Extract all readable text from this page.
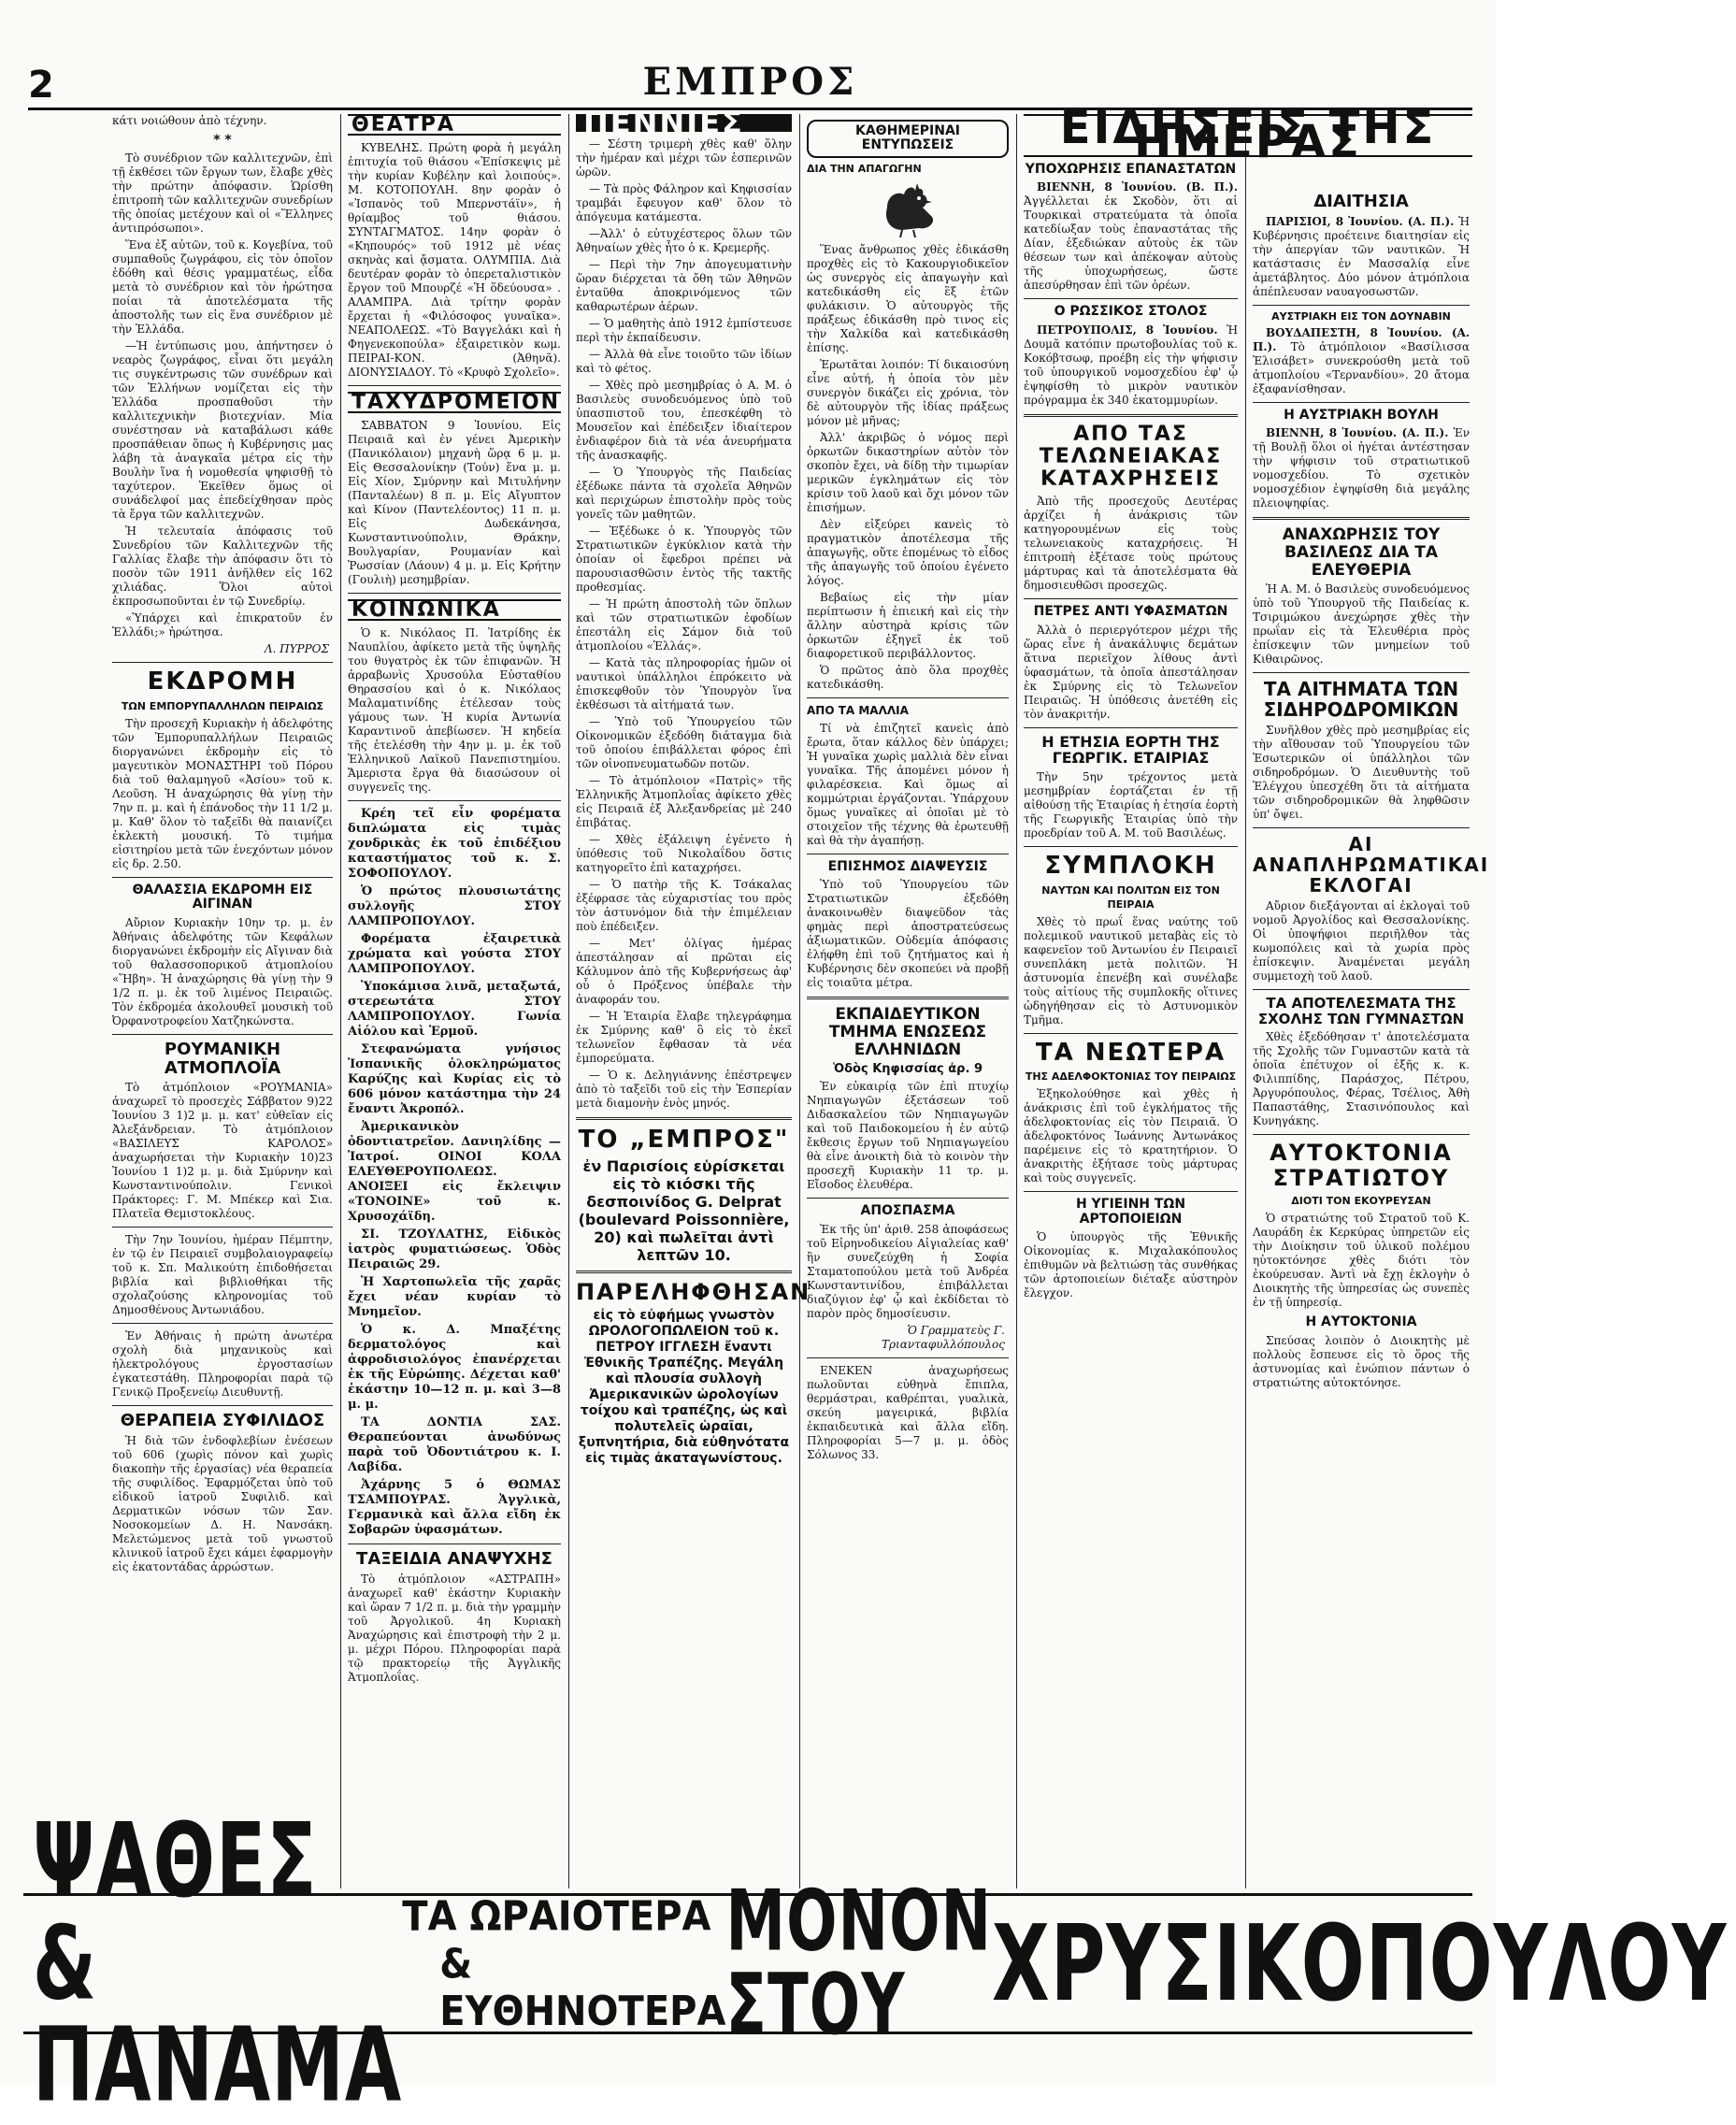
2	ΕΜΠΡΟΣ

κάτι νοιώθουν ἀπὸ τέχνην.

* *

Τὸ συνέδριον τῶν καλλιτεχνῶν, ἐπὶ τῇ ἐκθέσει τῶν ἔργων των, ἔλαβε χθὲς τὴν πρώτην ἀπόφασιν. Ὡρίσθη ἐπιτροπὴ τῶν καλλιτεχνῶν συνεδρίων τῆς ὁποίας μετέχουν καὶ οἱ «Ἕλληνες ἀντιπρόσωποι».

Ἕνα ἐξ αὐτῶν, τοῦ κ. Κογεβίνα, τοῦ συμπαθοῦς ζωγράφου, εἰς τὸν ὁποῖον ἐδόθη καὶ θέσις γραμματέως, εἶδα μετὰ τὸ συνέδριον καὶ τὸν ἠρώτησα ποίαι τὰ ἀποτελέσματα τῆς ἀποστολῆς των εἰς ἕνα συνέδριον μὲ τὴν Ἑλλάδα.

—Ἡ ἐντύπωσις μου, ἀπήντησεν ὁ νεαρὸς ζωγράφος, εἶναι ὅτι μεγάλη τις συγκέντρωσις τῶν συνέδρων καὶ τῶν Ἑλλήνων νομίζεται εἰς τὴν Ἑλλάδα προσπαθοῦσι τὴν καλλιτεχνικὴν βιοτεχνίαν. Μία συνέστησαν νὰ καταβάλωσι κάθε προσπάθειαν ὅπως ἡ Κυβέρνησις μας λάβη τὰ ἀναγκαῖα μέτρα εἰς τὴν Βουλὴν ἵνα ἡ νομοθεσία ψηφισθῇ τὸ ταχύτερον. Ἐκεῖθεν ὅμως οἱ συνάδελφοί μας ἐπεδείχθησαν πρὸς τὰ ἔργα τῶν καλλιτεχνῶν.

Ἡ τελευταία ἀπόφασις τοῦ Συνεδρίου τῶν Καλλιτεχνῶν τῆς Γαλλίας ἔλαβε τὴν ἀπόφασιν ὅτι τὸ ποσὸν τῶν 1911 ἀνῆλθεν εἰς 162 χιλιάδας. Ὅλοι αὐτοὶ ἐκπροσωποῦνται ἐν τῷ Συνεδρίῳ.

«Ὑπάρχει καὶ ἐπικρατοῦν ἐν Ἑλλάδι;» ἠρώτησα.

Λ. ΠΥΡΡΟΣ
ΕΚΔΡΟΜΗ
ΤΩΝ ΕΜΠΟΡΥΠΑΛΛΗΛΩΝ ΠΕΙΡΑΙΩΣ

Τὴν προσεχῆ Κυριακὴν ἡ ἀδελφότης τῶν Ἐμπορυπαλλήλων Πειραιῶς διοργανώνει ἐκδρομὴν εἰς τὸ μαγευτικὸν ΜΟΝΑΣΤΗΡΙ τοῦ Πόρου διὰ τοῦ θαλαμηγοῦ «Ἀσίου» τοῦ κ. Λεοῦση. Ἡ ἀναχώρησις θὰ γίνῃ τὴν 7ην π. μ. καὶ ἡ ἐπάνοδος τὴν 11 1/2 μ. μ. Καθ' ὅλον τὸ ταξεῖδι θὰ παιανίζει ἐκλεκτὴ μουσική. Τὸ τιμήμα εἰσιτηρίου μετὰ τῶν ἐνεχόντων μόνον εἰς δρ. 2.50.

ΘΑΛΑΣΣΙΑ ΕΚΔΡΟΜΗ ΕΙΣ ΑΙΓΙΝΑΝ

Αὔριον Κυριακὴν 10ην τρ. μ. ἐν Ἀθήναις ἀδελφότης τῶν Κεφάλων διοργανώνει ἐκδρομὴν εἰς Αἴγιναν διὰ τοῦ θαλασσοπορικοῦ ἀτμοπλοίου «Ἥβη». Ἡ ἀναχώρησις θὰ γίνῃ τὴν 9 1/2 π. μ. ἐκ τοῦ λιμένος Πειραιῶς. Τὸν ἐκδρομέα ἀκολουθεῖ μουσικὴ τοῦ Ὀρφανοτροφείου Χατζηκώνστα.

ΡΟΥΜΑΝΙΚΗ ΑΤΜΟΠΛΟΪΑ

Τὸ ἀτμόπλοιον «ΡΟΥΜΑΝΙΑ» ἀναχωρεῖ τὸ προσεχὲς Σάββατον 9)22 Ἰουνίου 3 1)2 μ. μ. κατ' εὐθεῖαν εἰς Ἀλεξάνδρειαν. Τὸ ἀτμόπλοιον «ΒΑΣΙΛΕΥΣ ΚΑΡΟΛΟΣ» ἀναχωρήσεται τὴν Κυριακὴν 10)23 Ἰουνίου 1 1)2 μ. μ. διὰ Σμύρνην καὶ Κωνσταντινούπολιν. Γενικοὶ Πράκτορες: Γ. Μ. Μπέκερ καὶ Σια. Πλατεῖα Θεμιστοκλέους.

Τὴν 7ην Ἰουνίου, ἡμέραν Πέμπτην, ἐν τῷ ἐν Πειραιεῖ συμβολαιογραφείῳ τοῦ κ. Σπ. Μαλικούτη ἐπιδοθήσεται βιβλία καὶ βιβλιοθήκαι τῆς σχολαζούσης κληρονομίας τοῦ Δημοσθένους Ἀντωνιάδου.

Ἐν Ἀθήναις ἡ πρώτη ἀνωτέρα σχολὴ διὰ μηχανικοὺς καὶ ἠλεκτρολόγους ἐργοστασίων ἐγκατεστάθη. Πληροφορίαι παρὰ τῷ Γενικῷ Προξενείῳ Διευθυντῇ.

ΘΕΡΑΠΕΙΑ ΣΥΦΙΛΙΔΟΣ

Ἡ διὰ τῶν ἐνδοφλεβίων ἐνέσεων τοῦ 606 (χωρὶς πόνον καὶ χωρὶς διακοπὴν τῆς ἐργασίας) νέα θεραπεία τῆς συφιλίδος. Ἐφαρμόζεται ὑπὸ τοῦ εἰδικοῦ ἰατροῦ Συφιλιδ. καὶ Δερματικῶν νόσων τῶν Σαν. Νοσοκομείων Δ. Η. Νανσάκη. Μελετώμενος μετὰ τοῦ γνωστοῦ κλινικοῦ ἰατροῦ ἔχει κάμει ἐφαρμογὴν εἰς ἑκατοντάδας ἀρρώστων.

ΘΕΑΤΡΑ

ΚΥΒΕΛΗΣ. Πρώτη φορὰ ἡ μεγάλη ἐπιτυχία τοῦ θιάσου «Ἐπίσκεψις μὲ τὴν κυρίαν Κυβέλην καὶ λοιπούς». Μ. ΚΟΤΟΠΟΥΛΗ. 8ην φορὰν ὁ «Ἰσπανὸς τοῦ Μπερνστάϊν», ἡ θρίαμβος τοῦ θιάσου. ΣΥΝΤΑΓΜΑΤΟΣ. 14ην φορὰν ὁ «Κηπουρός» τοῦ 1912 μὲ νέας σκηνὰς καὶ ᾄσματα. ΟΛΥΜΠΙΑ. Διὰ δευτέραν φορὰν τὸ ὀπερεταλιστικὸν ἔργον τοῦ Μπουρζέ «Ἡ ὅδεύουσα» . ΑΛΑΜΠΡΑ. Διὰ τρίτην φορὰν ἔρχεται ἡ «Φιλόσοφος γυναῖκα». ΝΕΑΠΟΛΕΩΣ. «Τὸ Βαγγελάκι καὶ ἡ Φηγενεκοπούλα» ἐξαιρετικὸν κωμ. ΠΕΙΡΑΙ-ΚΟΝ. (Ἀθηνᾶ). ΔΙΟΝΥΣΙΑΔΟΥ. Τὸ «Κρυφὸ Σχολεῖο».

ΤΑΧΥΔΡΟΜΕΙΟΝ

ΣΑΒΒΑΤΟΝ 9 Ἰουνίου. Εἰς Πειραιᾶ καὶ ἐν γένει Ἀμερικὴν (Πανικόλαιον) μηχανὴ ὥρᾳ 6 μ. μ. Εἰς Θεσσαλονίκην (Τούν) ἕνα μ. μ. Εἰς Χίον, Σμύρνην καὶ Μιτυλήνην (Πανταλέων) 8 π. μ. Εἰς Αἴγυπτον καὶ Κίνον (Παντελέοντος) 11 π. μ. Εἰς Δωδεκάνησα, Κωνσταντινούπολιν, Θράκην, Βουλγαρίαν, Ρουμανίαν καὶ Ῥωσσίαν (Λάουν) 4 μ. μ. Εἰς Κρήτην (Γουλιὴ) μεσημβρίαν.

ΚΟΙΝΩΝΙΚΑ

Ὁ κ. Νικόλαος Π. Ἰατρίδης ἐκ Ναυπλίου, ἀφίκετο μετὰ τῆς ὑψηλῆς του θυγατρὸς ἐκ τῶν ἐπιφανῶν. Ἡ ἀρραβωνὶς Χρυσούλα Εὐσταθίου Θηρασσίου καὶ ὁ κ. Νικόλαος Μαλαματινίδης ἐτέλεσαν τοὺς γάμους των. Ἡ κυρία Ἀντωνία Καραντινοῦ ἀπεβίωσεν. Ἡ κηδεία τῆς ἐτελέσθη τὴν 4ην μ. μ. ἐκ τοῦ Ἑλληνικοῦ Λαϊκοῦ Πανεπιστημίου. Ἄμεριστα ἔργα θὰ διασώσουν οἱ συγγενεῖς της.

Κρέη τεῖ εἶν φορέματα διπλώματα εἰς τιμὰς χονδρικὰς ἐκ τοῦ ἐπιδέξιου καταστήματος τοῦ κ. Σ. ΣΟΦΟΠΟΥΛΟΥ.

Ὁ πρώτος πλουσιωτάτης συλλογῆς ΣΤΟΥ ΛΑΜΠΡΟΠΟΥΛΟΥ.

Φορέματα ἐξαιρετικὰ χρώματα καὶ γούστα ΣΤΟΥ ΛΑΜΠΡΟΠΟΥΛΟΥ.

Ὑποκάμισα λινᾶ, μεταξωτά, στερεωτάτα ΣΤΟΥ ΛΑΜΠΡΟΠΟΥΛΟΥ. Γωνία Αἰόλου καὶ Ἑρμοῦ.

Στεφανώματα γνήσιος Ἰσπανικῆς ὀλοκληρώματος Καρύζης καὶ Κυρίας εἰς τὸ 606 μόνον κατάστημα τὴν 24 ἔναντι Ἀκροπόλ.

Ἀμερικανικὸν ὀδοντιατρεῖον. Δανιηλίδης — Ἰατροί. ΟΙΝΟΙ ΚΟΛΑ ΕΛΕΥΘΕΡΟΥΠΟΛΕΩΣ. ΑΝΟΙΞΕΙ εἰς ἔκλειψιν «TONOINE» τοῦ κ. Χρυσοχάϊδη.

ΣΙ. ΤΖΟΥΛΑΤΗΣ, Εἰδικὸς ἰατρὸς φυματιώσεως. Ὁδὸς Πειραιῶς 29.

Ἡ Χαρτοπωλεῖα τῆς χαρᾶς ἔχει νέαν κυρίαν τὸ Μνημεῖον.

Ὁ κ. Δ. Μπαξέτης δερματολόγος καὶ ἀφροδισιολόγος ἐπανέρχεται ἐκ τῆς Εὐρώπης. Δέχεται καθ' ἑκάστην 10—12 π. μ. καὶ 3—8 μ. μ.

ΤΑ ΔΟΝΤΙΑ ΣΑΣ. Θεραπεύονται ἀνωδύνως παρὰ τοῦ Ὀδοντιάτρου κ. Ι. Λαβίδα.

Ἀχάρνης 5 ὁ ΘΩΜΑΣ ΤΣΑΜΠΟΥΡΑΣ. Ἀγγλικὰ, Γερμανικὰ καὶ ἄλλα εἴδη ἐκ Σοβαρῶν ὑφασμάτων.

ΤΑΞΕΙΔΙΑ ΑΝΑΨΥΧΗΣ

Τὸ ἀτμόπλοιον «ΑΣΤΡΑΠΗ» ἀναχωρεῖ καθ' ἑκάστην Κυριακὴν καὶ ὥραν 7 1/2 π. μ. διὰ τὴν γραμμὴν τοῦ Ἀργολικοῦ. 4η Κυριακὴ Ἀναχώρησις καὶ ἐπιστροφὴ τὴν 2 μ. μ. μέχρι Πόρου. Πληροφορίαι παρὰ τῷ πρακτορείῳ τῆς Ἀγγλικῆς Ἀτμοπλοΐας.

ΠΕΝΝΙΕΣ

— Σέστη τριμερὴ χθὲς καθ' ὅλην τὴν ἡμέραν καὶ μέχρι τῶν ἑσπερινῶν ὡρῶν.

— Τὰ πρὸς Φάληρον καὶ Κηφισσίαν τραμβάι ἔφευγον καθ' ὅλον τὸ ἀπόγευμα κατάμεστα.

—Ἀλλ' ὁ εὐτυχέστερος ὅλων τῶν Ἀθηναίων χθὲς ἦτο ὁ κ. Κρεμερῆς.

— Περὶ τὴν 7ην ἀπογευματινὴν ὥραν διέρχεται τὰ ὄθη τῶν Ἀθηνῶν ἐνταῦθα ἀποκρινόμενος τῶν καθαρωτέρων ἀέρων.

— Ὁ μαθητὴς ἀπὸ 1912 ἐμπίστευσε περὶ τὴν ἐκπαίδευσιν.

— Ἀλλὰ θὰ εἶνε τοιοῦτο τῶν ἰδίων καὶ τὸ φέτος.

— Χθὲς πρὸ μεσημβρίας ὁ Α. Μ. ὁ Βασιλεὺς συνοδευόμενος ὑπὸ τοῦ ὑπασπιστοῦ του, ἐπεσκέφθη τὸ Μουσεῖον καὶ ἐπέδειξεν ἰδιαίτερον ἐνδιαφέρον διὰ τὰ νέα ἀνευρήματα τῆς ἀνασκαφῆς.

— Ὁ Ὑπουργὸς τῆς Παιδείας ἐξέδωκε πάντα τὰ σχολεῖα Ἀθηνῶν καὶ περιχώρων ἐπιστολὴν πρὸς τοὺς γονεῖς τῶν μαθητῶν.

— Ἐξέδωκε ὁ κ. Ὑπουργὸς τῶν Στρατιωτικῶν ἐγκύκλιον κατὰ τὴν ὁποίαν οἱ ἔφεδροι πρέπει νὰ παρουσιασθῶσιν ἐντὸς τῆς τακτῆς προθεσμίας.

— Ἡ πρώτη ἀποστολὴ τῶν ὅπλων καὶ τῶν στρατιωτικῶν ἐφοδίων ἐπεστάλη εἰς Σάμον διὰ τοῦ ἀτμοπλοίου «Ἑλλάς».

— Κατὰ τὰς πληροφορίας ἡμῶν οἱ ναυτικοὶ ὑπάλληλοι ἐπρόκειτο νὰ ἐπισκεφθοῦν τὸν Ὑπουργὸν ἵνα ἐκθέσωσι τὰ αἰτήματά των.

— Ὑπὸ τοῦ Ὑπουργείου τῶν Οἰκονομικῶν ἐξεδόθη διάταγμα διὰ τοῦ ὁποίου ἐπιβάλλεται φόρος ἐπὶ τῶν οἰνοπνευματωδῶν ποτῶν.

— Τὸ ἀτμόπλοιον «Πατρὶς» τῆς Ἑλληνικῆς Ἀτμοπλοΐας ἀφίκετο χθὲς εἰς Πειραιᾶ ἐξ Ἀλεξανδρείας μὲ 240 ἐπιβάτας.

— Χθὲς ἐξάλειψη ἐγένετο ἡ ὑπόθεσις τοῦ Νικολαΐδου ὅστις κατηγορεῖτο ἐπὶ καταχρήσει.

— Ὁ πατὴρ τῆς Κ. Τσάκαλας ἐξέφρασε τὰς εὐχαριστίας του πρὸς τὸν ἀστυνόμον διὰ τὴν ἐπιμέλειαν ποὺ ἐπέδειξεν.

— Μετ' ὀλίγας ἡμέρας ἀπεστάλησαν αἱ πρῶται εἰς Κάλυμνον ἀπὸ τῆς Κυβερνήσεως ἀφ' οὗ ὁ Πρόξενος ὑπέβαλε τὴν ἀναφοράν του.

— Ἡ Ἑταιρία ἔλαβε τηλεγράφημα ἐκ Σμύρνης καθ' ὃ εἰς τὸ ἐκεῖ τελωνεῖον ἔφθασαν τὰ νέα ἐμπορεύματα.

— Ὁ κ. Δεληγιάννης ἐπέστρεψεν ἀπὸ τὸ ταξεῖδι τοῦ εἰς τὴν Ἑσπερίαν μετὰ διαμονὴν ἑνὸς μηνός.

ΤΟ „ΕΜΠΡΟΣ"
ἐν Παρισίοις εὑρίσκεται εἰς τὸ κιόσκι τῆς δεσποινίδος G. Delprat (boulevard Poissonnière, 20) καὶ πωλεῖται ἀντὶ λεπτῶν 10.
ΠΑΡΕΛΗΦΘΗΣΑΝ
εἰς τὸ εὐφήμως γνωστὸν ΩΡΟΛΟΓΟΠΩΛΕΙΟΝ τοῦ κ. ΠΕΤΡΟΥ ΙΓΓΛΕΣΗ ἔναντι Ἐθνικῆς Τραπέζης. Μεγάλη καὶ πλουσία συλλογὴ Ἀμερικανικῶν ὡρολογίων τοίχου καὶ τραπέζης, ὡς καὶ πολυτελεῖς ὡραῖαι, ξυπνητήρια, διὰ εὐθηνότατα εἰς τιμὰς ἀκαταγωνίστους.
ΚΑΘΗΜΕΡΙΝΑΙ ΕΝΤΥΠΩΣΕΙΣ
ΔΙΑ ΤΗΝ ΑΠΑΓΩΓΗΝ

Ἕνας ἄνθρωπος χθὲς ἐδικάσθη προχθὲς εἰς τὸ Κακουργιοδικεῖον ὡς συνεργὸς εἰς ἀπαγωγὴν καὶ κατεδικάσθη εἰς ἓξ ἐτῶν φυλάκισιν. Ὁ αὐτουργὸς τῆς πράξεως ἐδικάσθη πρὸ τινος εἰς τὴν Χαλκίδα καὶ κατεδικάσθη ἐπίσης.

Ἐρωτᾶται λοιπόν: Τί δικαιοσύνη εἶνε αὐτή, ἡ ὁποία τὸν μὲν συνεργὸν δικάζει εἰς χρόνια, τὸν δὲ αὐτουργὸν τῆς ἰδίας πράξεως μόνον μὲ μῆνας;

Ἀλλ' ἀκριβῶς ὁ νόμος περὶ ὁρκωτῶν δικαστηρίων αὐτὸν τὸν σκοπὸν ἔχει, νὰ δίδῃ τὴν τιμωρίαν μερικῶν ἐγκλημάτων εἰς τὸν κρίσιν τοῦ λαοῦ καὶ ὄχι μόνον τῶν ἐπισήμων.

Δὲν εἰξεύρει κανεὶς τὸ πραγματικὸν ἀποτέλεσμα τῆς ἀπαγωγῆς, οὔτε ἐπομένως τὸ εἶδος τῆς ἀπαγωγῆς τοῦ ὁποίου ἐγένετο λόγος.

Βεβαίως εἰς τὴν μίαν περίπτωσιν ἡ ἐπιεική καὶ εἰς τὴν ἄλλην αὐστηρὰ κρίσις τῶν ὁρκωτῶν ἐξηγεῖ ἐκ τοῦ διαφορετικοῦ περιβάλλοντος.

Ὁ πρῶτος ἀπὸ ὅλα προχθὲς κατεδικάσθη.

ΑΠΟ ΤΑ ΜΑΛΛΙΑ

Τί νὰ ἐπιζητεῖ κανεὶς ἀπὸ ἔρωτα, ὅταν κάλλος δὲν ὑπάρχει; Ἡ γυναῖκα χωρὶς μαλλιὰ δὲν εἶναι γυναῖκα. Τῆς ἀπομένει μόνον ἡ φιλαρέσκεια. Καὶ ὅμως αἱ κομμώτριαι ἐργάζονται. Ὑπάρχουν ὅμως γυναῖκες αἱ ὁποῖαι μὲ τὸ στοιχεῖον τῆς τέχνης θὰ ἐρωτευθῇ καὶ θὰ τὴν ἀγαπήσῃ.

ΕΠΙΣΗΜΟΣ ΔΙΑΨΕΥΣΙΣ

Ὑπὸ τοῦ Ὑπουργείου τῶν Στρατιωτικῶν ἐξεδόθη ἀνακοινωθὲν διαψεῦδον τὰς φημὰς περὶ ἀποστρατεύσεως ἀξιωματικῶν. Οὐδεμία ἀπόφασις ἐλήφθη ἐπὶ τοῦ ζητήματος καὶ ἡ Κυβέρνησις δὲν σκοπεύει νὰ προβῇ εἰς τοιαῦτα μέτρα.

ΕΚΠΑΙΔΕΥΤΙΚΟΝ ΤΜΗΜΑ ΕΝΩΣΕΩΣ ΕΛΛΗΝΙΔΩΝ
Ὁδὸς Κηφισσίας ἀρ. 9

Ἐν εὐκαιρίᾳ τῶν ἐπὶ πτυχίῳ Νηπιαγωγῶν ἐξετάσεων τοῦ Διδασκαλείου τῶν Νηπιαγωγῶν καὶ τοῦ Παιδοκομείου ἡ ἐν αὐτῷ ἔκθεσις ἔργων τοῦ Νηπιαγωγείου θὰ εἶνε ἀνοικτὴ διὰ τὸ κοινὸν τὴν προσεχῆ Κυριακὴν 11 τρ. μ. Εἴσοδος ἐλευθέρα.

ΑΠΟΣΠΑΣΜΑ

Ἐκ τῆς ὑπ' ἀριθ. 258 ἀποφάσεως τοῦ Εἰρηνοδικείου Αἰγιαλείας καθ' ἣν συνεζεύχθη ἡ Σοφία Σταματοπούλου μετὰ τοῦ Ἀνδρέα Κωνσταντινίδου, ἐπιβάλλεται διαζύγιον ἐφ' ᾧ καὶ ἐκδίδεται τὸ παρὸν πρὸς δημοσίευσιν.

Ὁ Γραμματεὺς Γ. Τριανταφυλλόπουλος

ΕΝΕΚΕΝ ἀναχωρήσεως πωλοῦνται εὐθηνὰ ἔπιπλα, θερμάστραι, καθρέπται, γυαλικὰ, σκεύη μαγειρικά, βιβλία ἐκπαιδευτικὰ καὶ ἄλλα εἴδη. Πληροφορίαι 5—7 μ. μ. ὁδὸς Σόλωνος 33.

ΕΙΔΗΣΕΙΣ ΤΗΣ ΗΜΕΡΑΣ
ΥΠΟΧΩΡΗΣΙΣ ΕΠΑΝΑΣΤΑΤΩΝ

ΒΙΕΝΝΗ, 8 Ἰουνίου. (Β. Π.). Ἀγγέλλεται ἐκ Σκοδὸν, ὅτι αἱ Τουρκικαὶ στρατεύματα τὰ ὁποῖα κατεδίωξαν τοὺς ἐπαναστάτας τῆς Δίαν, ἐξεδιώκαν αὐτοὺς ἐκ τῶν θέσεων των καὶ ἀπέκοψαν αὐτοὺς τῆς ὑποχωρήσεως, ὥστε ἀπεσύρθησαν ἐπὶ τῶν ὀρέων.

Ο ΡΩΣΣΙΚΟΣ ΣΤΟΛΟΣ

ΠΕΤΡΟΥΠΟΛΙΣ, 8 Ἰουνίου. Ἡ Δουμᾶ κατόπιν πρωτοβουλίας τοῦ κ. Κοκόβτσωφ, προέβη εἰς τὴν ψήφισιν τοῦ ὑπουργικοῦ νομοσχεδίου ἐφ' ᾧ ἐψηφίσθη τὸ μικρὸν ναυτικὸν πρόγραμμα ἐκ 340 ἑκατομμυρίων.

ΑΠΟ ΤΑΣ ΤΕΛΩΝΕΙΑΚΑΣ ΚΑΤΑΧΡΗΣΕΙΣ

Ἀπὸ τῆς προσεχοῦς Δευτέρας ἀρχίζει ἡ ἀνάκρισις τῶν κατηγορουμένων εἰς τοὺς τελωνειακοὺς καταχρήσεις. Ἡ ἐπιτροπὴ ἐξέτασε τοὺς πρώτους μάρτυρας καὶ τὰ ἀποτελέσματα θὰ δημοσιευθῶσι προσεχῶς.

ΠΕΤΡΕΣ ΑΝΤΙ ΥΦΑΣΜΑΤΩΝ

Ἀλλὰ ὁ περιεργότερον μέχρι τῆς ὥρας εἶνε ἡ ἀνακάλυψις δεμάτων ἅτινα περιεῖχον λίθους ἀντὶ ὑφασμάτων, τὰ ὁποῖα ἀπεστάλησαν ἐκ Σμύρνης εἰς τὸ Τελωνεῖον Πειραιῶς. Ἡ ὑπόθεσις ἀνετέθη εἰς τὸν ἀνακριτήν.

Η ΕΤΗΣΙΑ ΕΟΡΤΗ ΤΗΣ ΓΕΩΡΓΙΚ. ΕΤΑΙΡΙΑΣ

Τὴν 5ην τρέχοντος μετὰ μεσημβρίαν ἑορτάζεται ἐν τῇ αἰθούσῃ τῆς Ἑταιρίας ἡ ἐτησία ἑορτὴ τῆς Γεωργικῆς Ἑταιρίας ὑπὸ τὴν προεδρίαν τοῦ Α. Μ. τοῦ Βασιλέως.

ΣΥΜΠΛΟΚΗ
ΝΑΥΤΩΝ ΚΑΙ ΠΟΛΙΤΩΝ ΕΙΣ ΤΟΝ ΠΕΙΡΑΙΑ

Χθὲς τὸ πρωΐ ἕνας ναύτης τοῦ πολεμικοῦ ναυτικοῦ μεταβὰς εἰς τὸ καφενεῖον τοῦ Ἀντωνίου ἐν Πειραιεῖ συνεπλάκη μετὰ πολιτῶν. Ἡ ἀστυνομία ἐπενέβη καὶ συνέλαβε τοὺς αἰτίους τῆς συμπλοκῆς οἵτινες ὡδηγήθησαν εἰς τὸ Αστυνομικὸν Τμῆμα.

ΤΑ ΝΕΩΤΕΡΑ
ΤΗΣ ΑΔΕΛΦΟΚΤΟΝΙΑΣ ΤΟΥ ΠΕΙΡΑΙΩΣ

Ἐξηκολούθησε καὶ χθὲς ἡ ἀνάκρισις ἐπὶ τοῦ ἐγκλήματος τῆς ἀδελφοκτονίας εἰς τὸν Πειραιᾶ. Ὁ ἀδελφοκτόνος Ἰωάννης Ἀντωνάκος παρέμεινε εἰς τὸ κρατητήριον. Ὁ ἀνακριτὴς ἐξήτασε τοὺς μάρτυρας καὶ τοὺς συγγενεῖς.

Η ΥΓΙΕΙΝΗ ΤΩΝ ΑΡΤΟΠΟΙΕΙΩΝ

Ὁ ὑπουργὸς τῆς Ἐθνικῆς Οἰκονομίας κ. Μιχαλακόπουλος ἐπιθυμῶν νὰ βελτιώσῃ τὰς συνθήκας τῶν ἀρτοποιείων διέταξε αὐστηρὸν ἔλεγχον.

ΔΙΑΙΤΗΣΙΑ

ΠΑΡΙΣΙΟΙ, 8 Ἰουνίου. (Α. Π.). Ἡ Κυβέρνησις προέτεινε διαιτησίαν εἰς τὴν ἀπεργίαν τῶν ναυτικῶν. Ἡ κατάστασις ἐν Μασσαλίᾳ εἶνε ἀμετάβλητος. Δύο μόνον ἀτμόπλοια ἀπέπλευσαν ναυαγοσωστῶν.

ΑΥΣΤΡΙΑΚΗ ΕΙΣ ΤΟΝ ΔΟΥΝΑΒΙΝ

ΒΟΥΔΑΠΕΣΤΗ, 8 Ἰουνίου. (Α. Π.). Τὸ ἀτμόπλοιον «Βασίλισσα Ἐλισάβετ» συνεκρούσθη μετὰ τοῦ ἀτμοπλοίου «Τερνανδίου». 20 ἄτομα ἐξαφανίσθησαν.

Η ΑΥΣΤΡΙΑΚΗ ΒΟΥΛΗ

ΒΙΕΝΝΗ, 8 Ἰουνίου. (Α. Π.). Ἐν τῇ Βουλῇ ὅλοι οἱ ἡγέται ἀντέστησαν τὴν ψήφισιν τοῦ στρατιωτικοῦ νομοσχεδίου. Τὸ σχετικὸν νομοσχέδιον ἐψηφίσθη διὰ μεγάλης πλειοψηφίας.

ΑΝΑΧΩΡΗΣΙΣ ΤΟΥ ΒΑΣΙΛΕΩΣ ΔΙΑ ΤΑ ΕΛΕΥΘΕΡΙΑ

Ἡ Α. Μ. ὁ Βασιλεὺς συνοδευόμενος ὑπὸ τοῦ Ὑπουργοῦ τῆς Παιδείας κ. Τσιριμώκου ἀνεχώρησε χθὲς τὴν πρωΐαν εἰς τὰ Ἐλευθέρια πρὸς ἐπίσκεψιν τῶν μνημείων τοῦ Κιθαιρῶνος.

ΤΑ ΑΙΤΗΜΑΤΑ ΤΩΝ ΣΙΔΗΡΟΔΡΟΜΙΚΩΝ

Συνῆλθον χθὲς πρὸ μεσημβρίας εἰς τὴν αἴθουσαν τοῦ Ὑπουργείου τῶν Ἐσωτερικῶν οἱ ὑπάλληλοι τῶν σιδηροδρόμων. Ὁ Διευθυντὴς τοῦ Ἐλέγχου ὑπεσχέθη ὅτι τὰ αἰτήματα τῶν σιδηροδρομικῶν θὰ ληφθῶσιν ὑπ' ὄψει.

ΑΙ ΑΝΑΠΛΗΡΩΜΑΤΙΚΑΙ ΕΚΛΟΓΑΙ

Αὔριον διεξάγονται αἱ ἐκλογαὶ τοῦ νομοῦ Ἀργολίδος καὶ Θεσσαλονίκης. Οἱ ὑποψήφιοι περιῆλθον τὰς κωμοπόλεις καὶ τὰ χωρία πρὸς ἐπίσκεψιν. Ἀναμένεται μεγάλη συμμετοχὴ τοῦ λαοῦ.

ΤΑ ΑΠΟΤΕΛΕΣΜΑΤΑ ΤΗΣ ΣΧΟΛΗΣ ΤΩΝ ΓΥΜΝΑΣΤΩΝ

Χθὲς ἐξεδόθησαν τ' ἀποτελέσματα τῆς Σχολῆς τῶν Γυμναστῶν κατὰ τὰ ὁποῖα ἐπέτυχον οἱ ἑξῆς κ. κ. Φιλιππίδης, Παράσχος, Πέτρου, Ἀργυρόπουλος, Φέρας, Τσέλιος, Ἀθὴ Παπαστάθης, Στασινόπουλος καὶ Κυνηγάκης.

ΑΥΤΟΚΤΟΝΙΑ ΣΤΡΑΤΙΩΤΟΥ
ΔΙΟΤΙ ΤΟΝ ΕΚΟΥΡΕΥΣΑΝ

Ὁ στρατιώτης τοῦ Στρατοῦ τοῦ Κ. Λαυράδη ἐκ Κερκύρας ὑπηρετῶν εἰς τὴν Διοίκησιν τοῦ ὑλικοῦ πολέμου ηὐτοκτόνησε χθὲς διότι τὸν ἐκούρευσαν. Ἀντὶ νὰ ἔχῃ ἐκλογὴν ὁ Διοικητὴς τῆς ὑπηρεσίας ὡς συνεπὲς ἐν τῇ ὑπηρεσίᾳ.

Η ΑΥΤΟΚΤΟΝΙΑ

Σπεύσας λοιπὸν ὁ Διοικητὴς μὲ πολλοὺς ἔσπευσε εἰς τὸ ὅρος τῆς ἀστυνομίας καὶ ἐνώπιον πάντων ὁ στρατιώτης αὐτοκτόνησε.

ΨΑΘΕΣ & ΠΑΝΑΜΑ
ΤΑ ΩΡΑΙΟΤΕΡΑ
& ΕΥΘΗΝΟΤΕΡΑ
ΜΟΝΟΝ ΣΤΟΥ	ΧΡΥΣΙΚΟΠΟΥΛΟΥ
